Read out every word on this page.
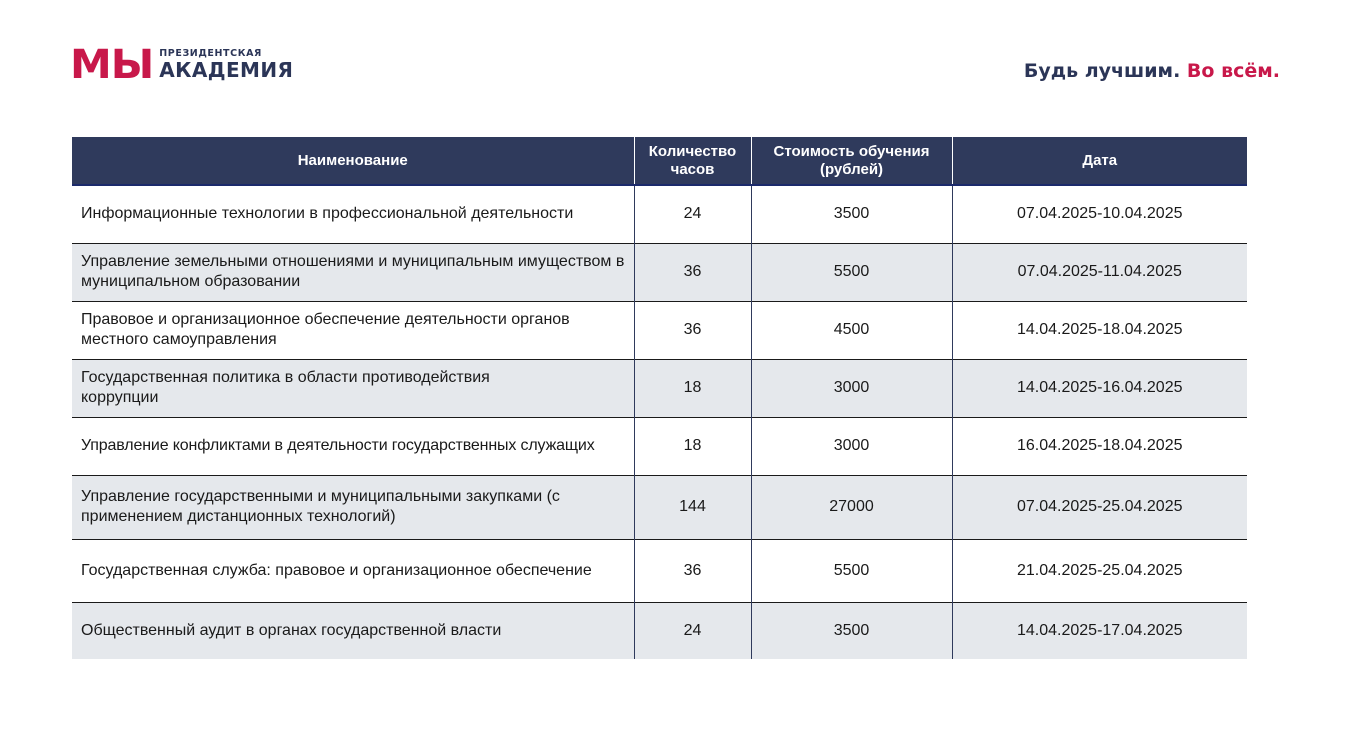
МЫ ПРЕЗИДЕНТСКАЯ
АКАДЕМИЯ	Будь лучшим. Во всём.
Наименование	Количество часов	Стоимость обучения (рублей)	Дата
Информационные технологии в профессиональной деятельности	24	3500	07.04.2025-10.04.2025
Управление земельными отношениями и муниципальным имуществом в муниципальном образовании	36	5500	07.04.2025-11.04.2025
Правовое и организационное обеспечение деятельности органов местного самоуправления	36	4500	14.04.2025-18.04.2025
Государственная политика в области противодействия коррупции	18	3000	14.04.2025-16.04.2025
Управление конфликтами в деятельности государственных служащих	18	3000	16.04.2025-18.04.2025
Управление государственными и муниципальными закупками (с применением дистанционных технологий)	144	27000	07.04.2025-25.04.2025
Государственная служба: правовое и организационное обеспечение	36	5500	21.04.2025-25.04.2025
Общественный аудит в органах государственной власти	24	3500	14.04.2025-17.04.2025
